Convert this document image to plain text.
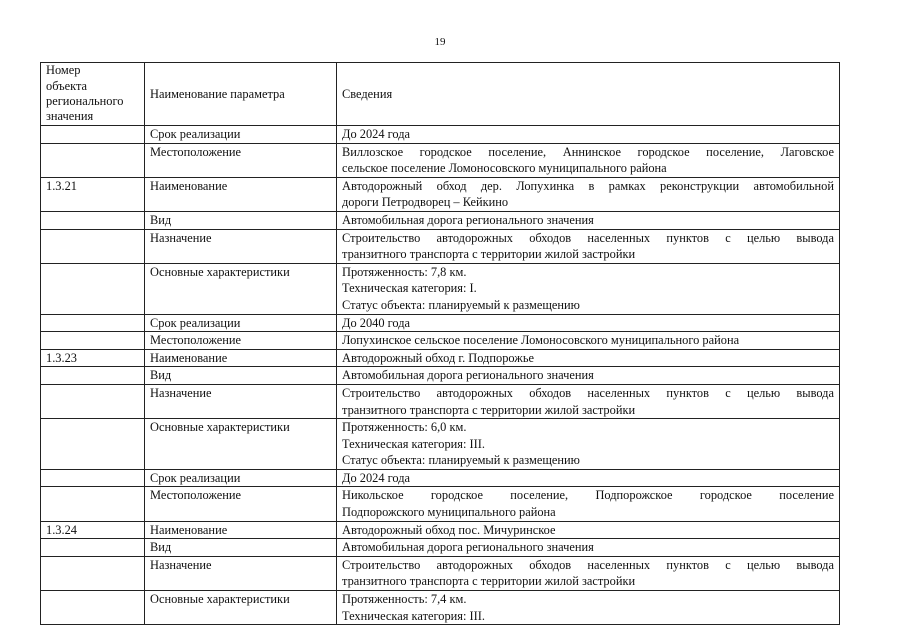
19
Номер
объекта
регионального
значения	Наименование параметра	Сведения
	Срок реализации	До 2024 года

	Местоположение	Виллозское городское поселение, Аннинское городское поселение, Лаговское
сельское поселение Ломоносовского муниципального района

1.3.21	Наименование	Автодорожный обход дер. Лопухинка в рамках реконструкции автомобильной
дороги Петродворец – Кейкино

	Вид	Автомобильная дорога регионального значения

	Назначение	Строительство автодорожных обходов населенных пунктов с целью вывода
транзитного транспорта с территории жилой застройки

	Основные характеристики	Протяженность: 7,8 км.
Техническая категория: I.
Статус объекта: планируемый к размещению

	Срок реализации	До 2040 года

	Местоположение	Лопухинское сельское поселение Ломоносовского муниципального района

1.3.23	Наименование	Автодорожный обход г. Подпорожье

	Вид	Автомобильная дорога регионального значения

	Назначение	Строительство автодорожных обходов населенных пунктов с целью вывода
транзитного транспорта с территории жилой застройки

	Основные характеристики	Протяженность: 6,0 км.
Техническая категория: III.
Статус объекта: планируемый к размещению

	Срок реализации	До 2024 года

	Местоположение	Никольское городское поселение, Подпорожское городское поселение
Подпорожского муниципального района

1.3.24	Наименование	Автодорожный обход пос. Мичуринское

	Вид	Автомобильная дорога регионального значения

	Назначение	Строительство автодорожных обходов населенных пунктов с целью вывода
транзитного транспорта с территории жилой застройки

	Основные характеристики	Протяженность: 7,4 км.
Техническая категория: III.
